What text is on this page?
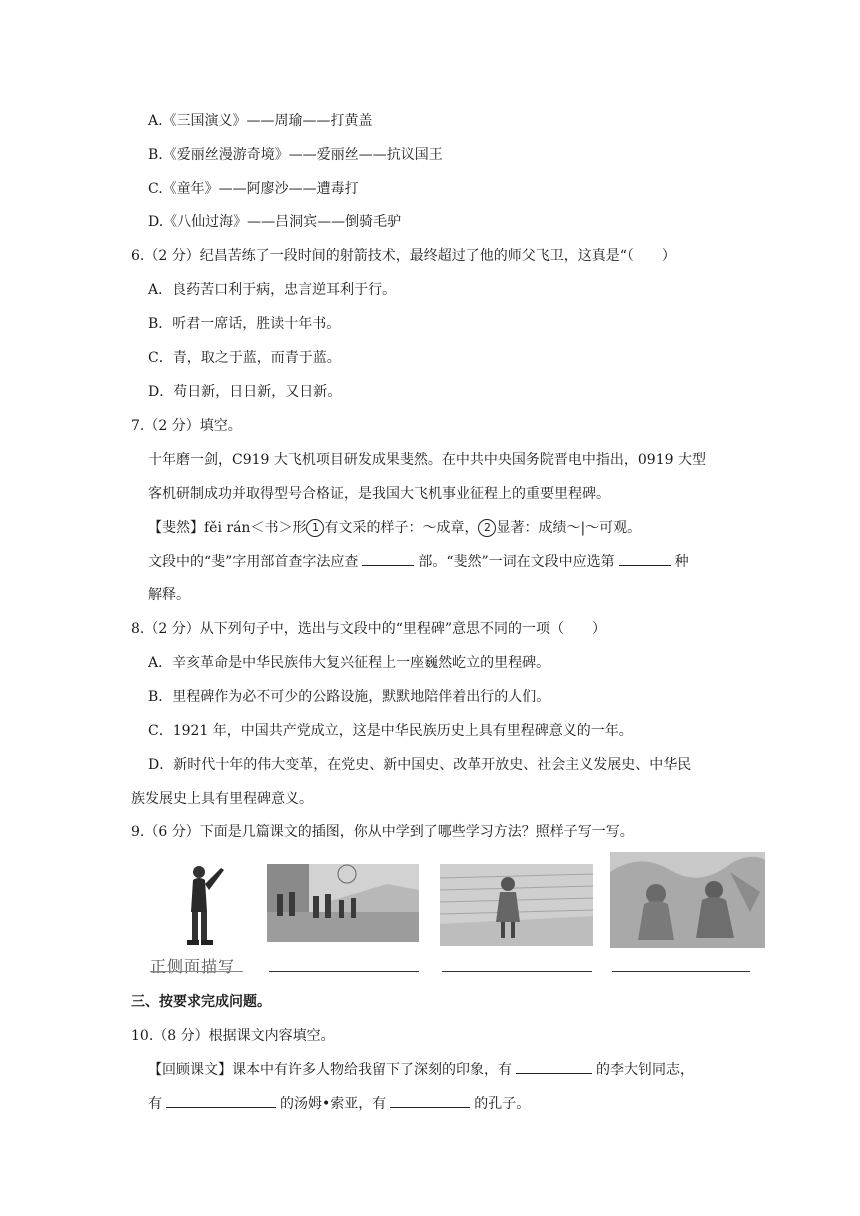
A.《三国演义》——周瑜——打黄盖
B.《爱丽丝漫游奇境》——爱丽丝——抗议国王
C.《童年》——阿廖沙——遭毒打
D.《八仙过海》——吕洞宾——倒骑毛驴
6.（2 分）纪昌苦练了一段时间的射箭技术，最终超过了他的师父飞卫，这真是“（　　）
A．良药苦口利于病，忠言逆耳利于行。
B．听君一席话，胜读十年书。
C．青，取之于蓝，而青于蓝。
D．苟日新，日日新，又日新。
7.（2 分）填空。
十年磨一剑，C919 大飞机项目研发成果斐然。在中共中央国务院晋电中指出，0919 大型
客机研制成功并取得型号合格证，是我国大飞机事业征程上的重要里程碑。
【斐然】fěi rán＜书＞形 1 有文采的样子：～成章， 2 显著：成绩～|～可观。
文段中的“斐”字用部首查字法应查	部。“斐然”一词在文段中应选第	种
解释。
8.（2 分）从下列句子中，选出与文段中的“里程碑”意思不同的一项（　　）
A．辛亥革命是中华民族伟大复兴征程上一座巍然屹立的里程碑。
B．里程碑作为必不可少的公路设施，默默地陪伴着出行的人们。
C．1921 年，中国共产党成立，这是中华民族历史上具有里程碑意义的一年。
D．新时代十年的伟大变革，在党史、新中国史、改革开放史、社会主义发展史、中华民
族发展史上具有里程碑意义。
9.（6 分）下面是几篇课文的插图，你从中学到了哪些学习方法？照样子写一写。
正侧面描写
三、按要求完成问题。
10.（8 分）根据课文内容填空。
【回顾课文】课本中有许多人物给我留下了深刻的印象，有	的李大钊同志，
有	的汤姆•索亚，有	的孔子。
